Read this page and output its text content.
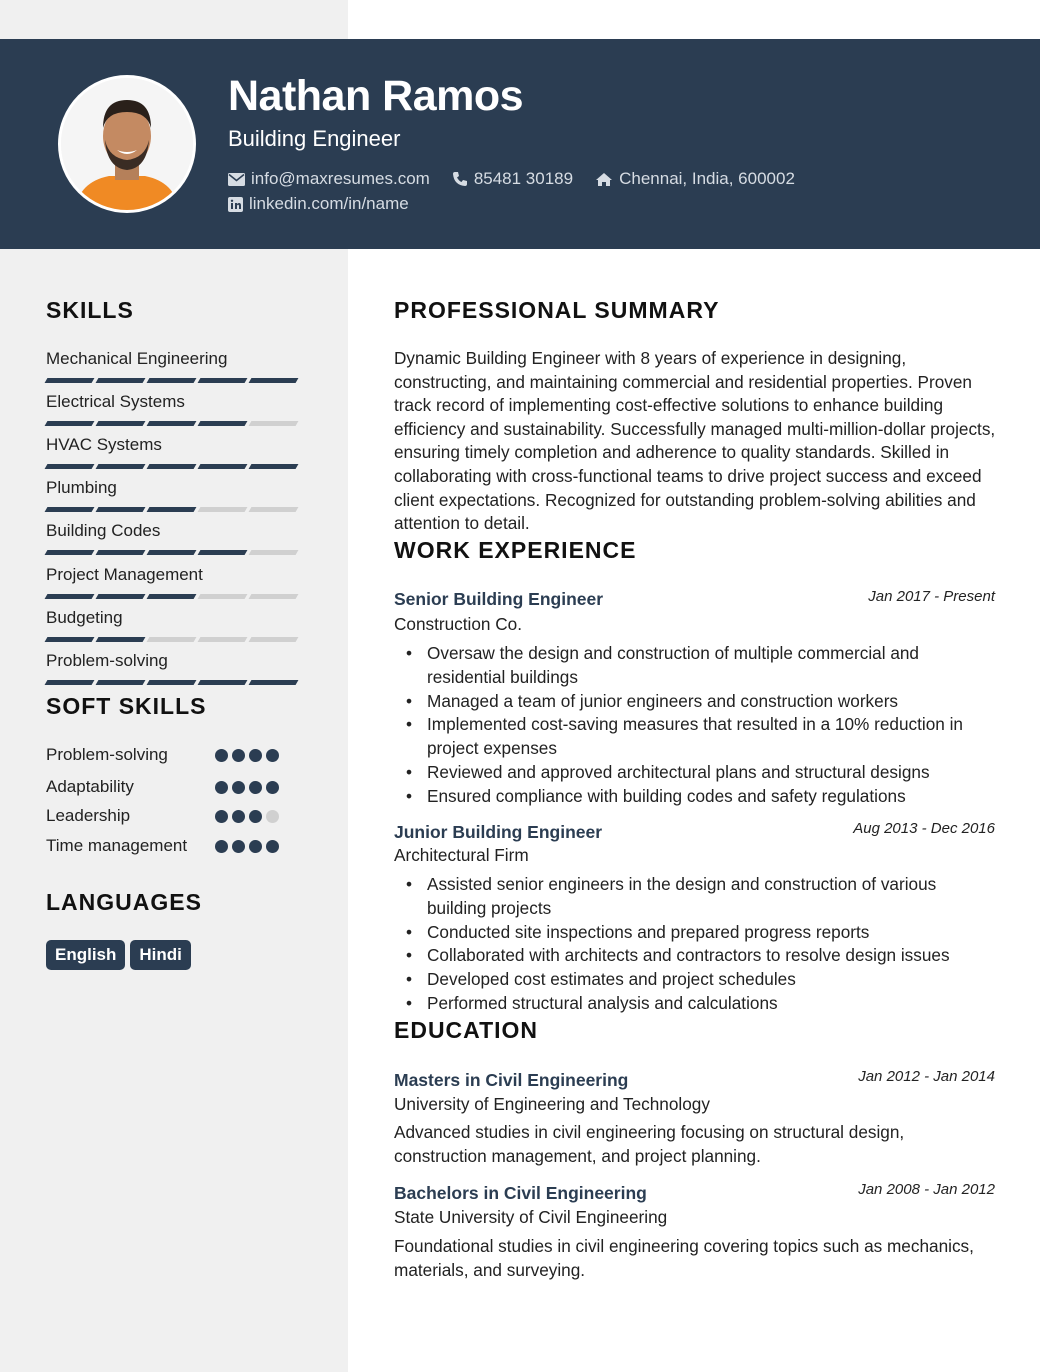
Nathan Ramos
Building Engineer
info@maxresumes.com	85481 30189	Chennai, India, 600002
linkedin.com/in/name
SKILLS
Mechanical Engineering
Electrical Systems
HVAC Systems
Plumbing
Building Codes
Project Management
Budgeting
Problem-solving
SOFT SKILLS
Problem-solving
Adaptability
Leadership
Time management
LANGUAGES
English	Hindi
PROFESSIONAL SUMMARY
Dynamic Building Engineer with 8 years of experience in designing, constructing, and maintaining commercial and residential properties. Proven track record of implementing cost-effective solutions to enhance building efficiency and sustainability. Successfully managed multi-million-dollar projects, ensuring timely completion and adherence to quality standards. Skilled in collaborating with cross-functional teams to drive project success and exceed client expectations. Recognized for outstanding problem-solving abilities and attention to detail.
WORK EXPERIENCE
Senior Building Engineer	Jan 2017 - Present
Construction Co.
• Oversaw the design and construction of multiple commercial and residential buildings
• Managed a team of junior engineers and construction workers
• Implemented cost-saving measures that resulted in a 10% reduction in project expenses
• Reviewed and approved architectural plans and structural designs
• Ensured compliance with building codes and safety regulations
Junior Building Engineer	Aug 2013 - Dec 2016
Architectural Firm
• Assisted senior engineers in the design and construction of various building projects
• Conducted site inspections and prepared progress reports
• Collaborated with architects and contractors to resolve design issues
• Developed cost estimates and project schedules
• Performed structural analysis and calculations
EDUCATION
Masters in Civil Engineering	Jan 2012 - Jan 2014
University of Engineering and Technology
Advanced studies in civil engineering focusing on structural design, construction management, and project planning.
Bachelors in Civil Engineering	Jan 2008 - Jan 2012
State University of Civil Engineering
Foundational studies in civil engineering covering topics such as mechanics, materials, and surveying.
